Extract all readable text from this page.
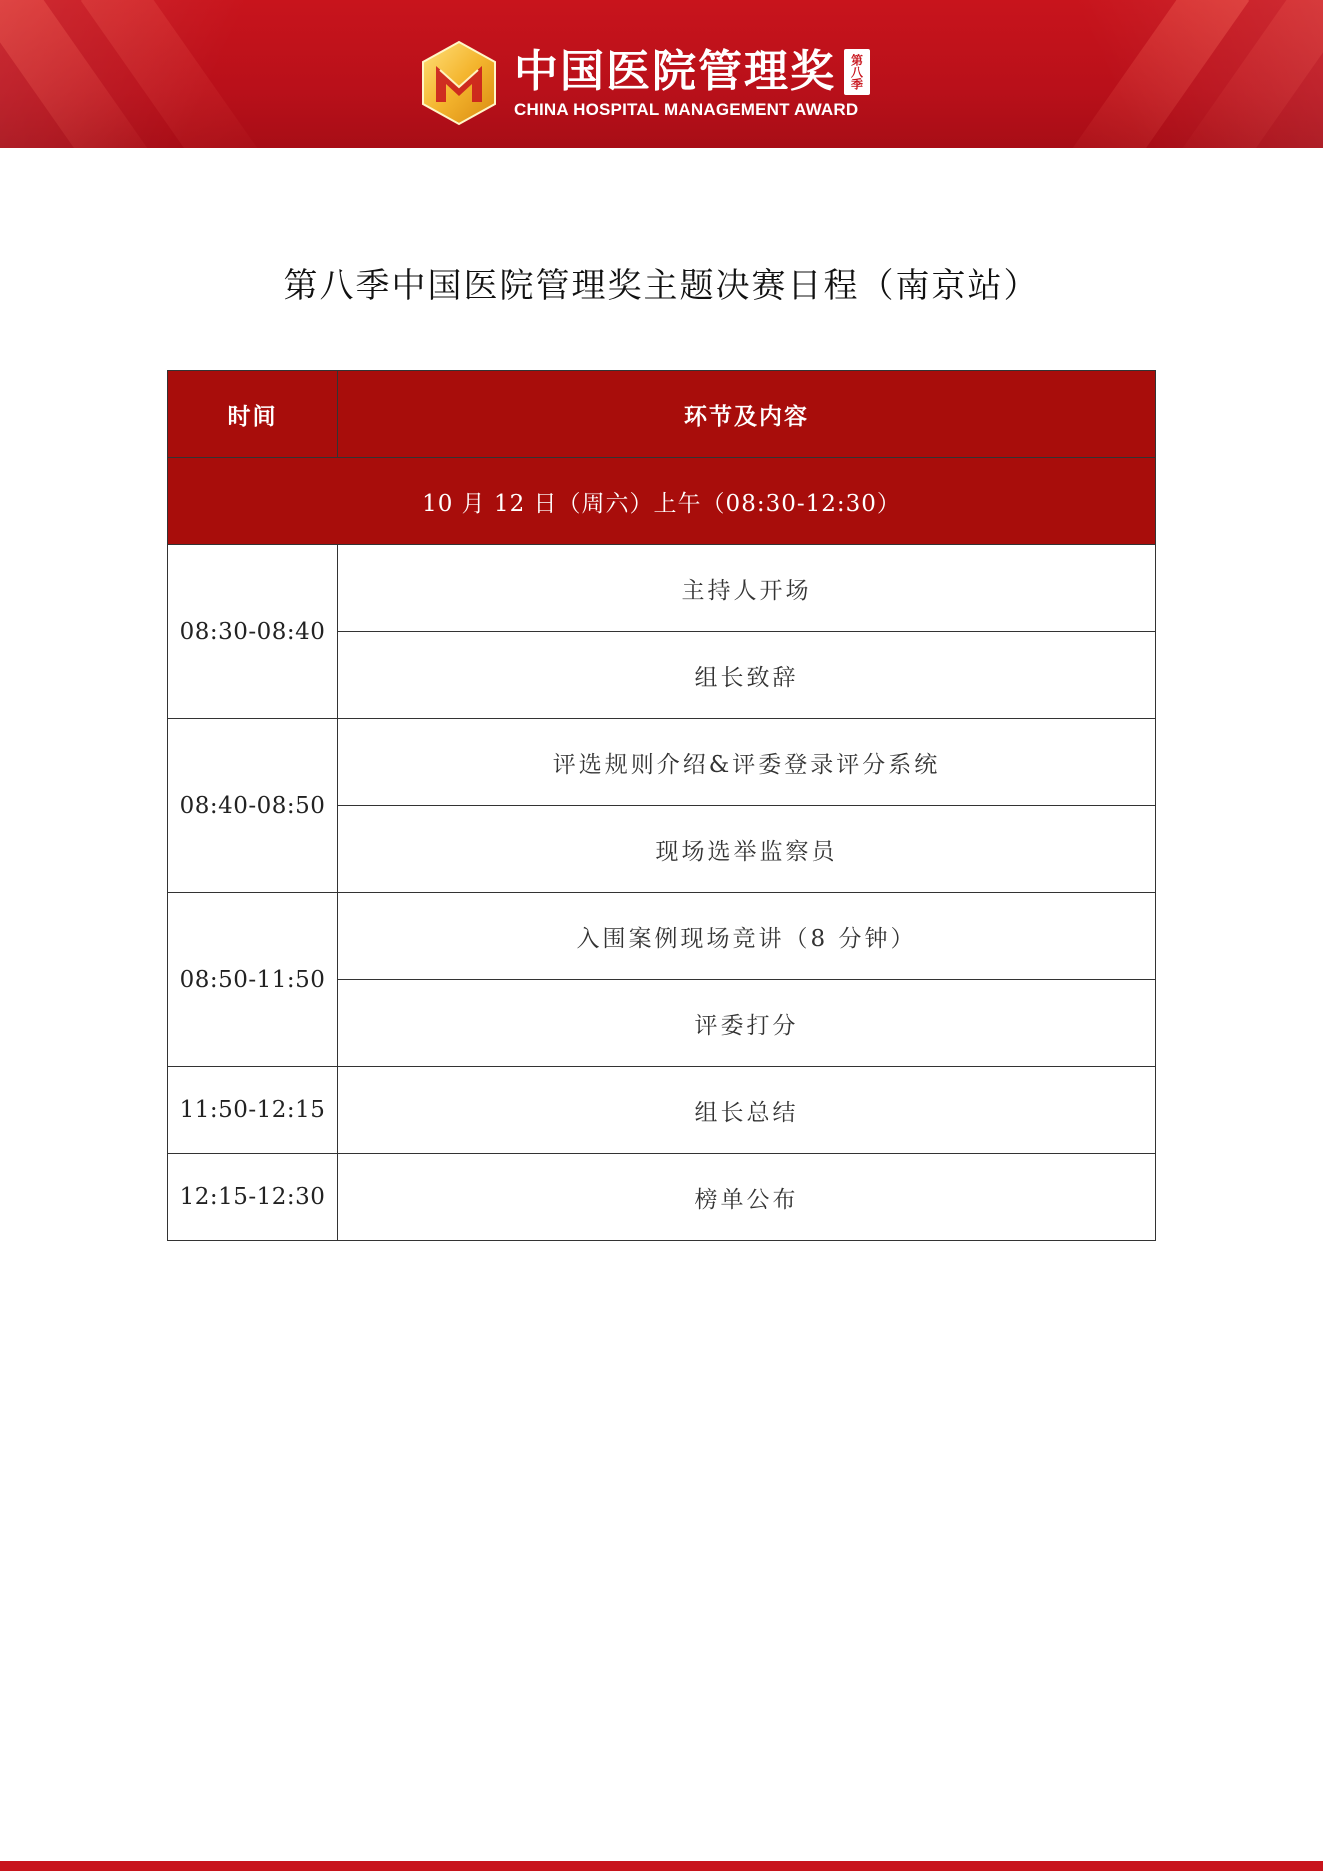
中国医院管理奖	第八季
CHINA HOSPITAL MANAGEMENT AWARD
第八季中国医院管理奖主题决赛日程（南京站）
时间	环节及内容
10 月 12 日（周六）上午（08:30-12:30）	
08:30-08:40	主持人开场
	组长致辞
08:40-08:50	评选规则介绍&评委登录评分系统
	现场选举监察员
08:50-11:50	入围案例现场竞讲（8 分钟）
	评委打分
11:50-12:15	组长总结
12:15-12:30	榜单公布
